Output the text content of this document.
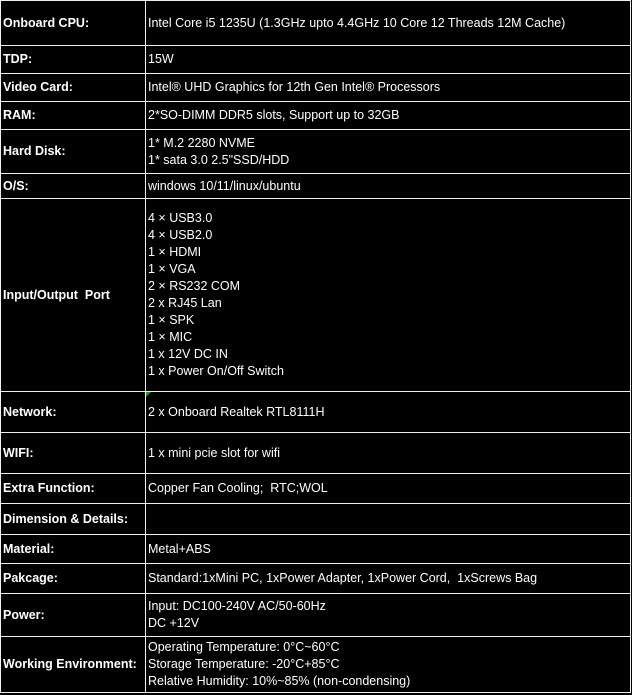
Onboard CPU:	Intel Core i5 1235U (1.3GHz upto 4.4GHz 10 Core 12 Threads 12M Cache)

TDP:	15W

Video Card:	Intel® UHD Graphics for 12th Gen Intel® Processors

RAM:	2*SO-DIMM DDR5 slots, Support up to 32GB

Hard Disk:	1* M.2 2280 NVME
1* sata 3.0 2.5"SSD/HDD

O/S:	windows 10/11/linux/ubuntu

Input/Output  Port	
4 × USB3.0
4 × USB2.0
1 × HDMI
1 × VGA
2 × RS232 COM
2 x RJ45 Lan
1 × SPK
1 × MIC
1 x 12V DC IN
1 x Power On/Off Switch

Network:	2 x Onboard Realtek RTL8111H

WIFI:	1 x mini pcie slot for wifi

Extra Function:	Copper Fan Cooling;  RTC;WOL

Dimension & Details:	

Material:	Metal+ABS

Pakcage:	Standard:1xMini PC, 1xPower Adapter, 1xPower Cord,  1xScrews Bag

Power:	Input: DC100-240V AC/50-60Hz
DC +12V

Working Environment:	Operating Temperature: 0°C~60°C
Storage Temperature: -20°C+85°C
Relative Humidity: 10%~85% (non-condensing)
